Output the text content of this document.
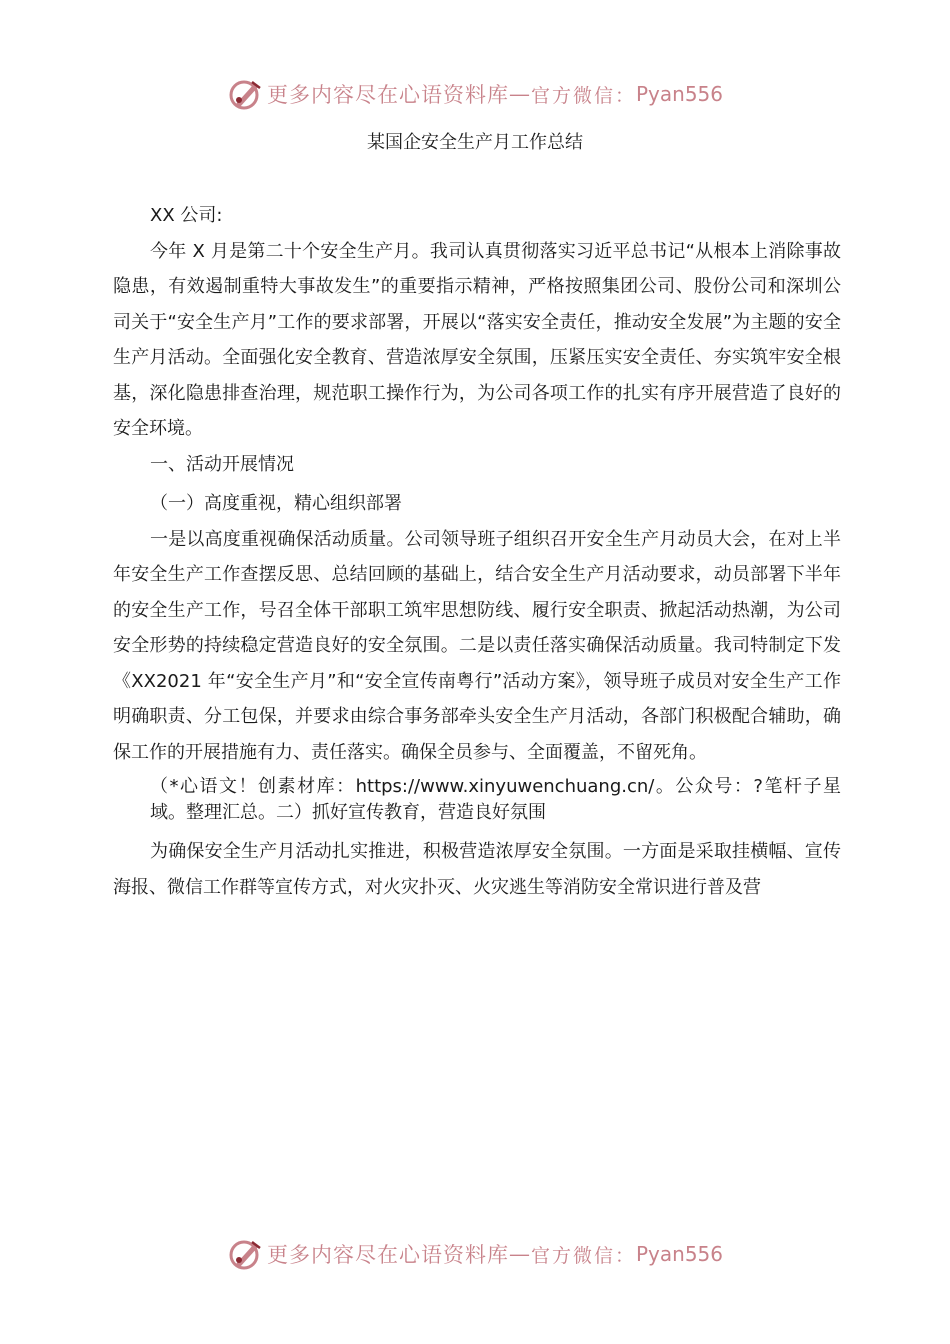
更多内容尽在心语资料库 — 官方微信： Pyan556
某国企安全生产月工作总结

XX 公司:

今年 X 月是第二十个安全生产月。我司认真贯彻落实习近平总书记“从根本上消除事故隐患，有效遏制重特大事故发生”的重要指示精神，严格按照集团公司、股份公司和深圳公司关于“安全生产月”工作的要求部署，开展以“落实安全责任，推动安全发展”为主题的安全生产月活动。全面强化安全教育、营造浓厚安全氛围，压紧压实安全责任、夯实筑牢安全根基，深化隐患排查治理，规范职工操作行为，为公司各项工作的扎实有序开展营造了良好的安全环境。

一、活动开展情况

（一）高度重视，精心组织部署

一是以高度重视确保活动质量。公司领导班子组织召开安全生产月动员大会，在对上半年安全生产工作查摆反思、总结回顾的基础上，结合安全生产月活动要求，动员部署下半年的安全生产工作，号召全体干部职工筑牢思想防线、履行安全职责、掀起活动热潮，为公司安全形势的持续稳定营造良好的安全氛围。二是以责任落实确保活动质量。我司特制定下发《XX2021 年“安全生产月”和“安全宣传南粤行”活动方案》，领导班子成员对安全生产工作明确职责、分工包保，并要求由综合事务部牵头安全生产月活动，各部门积极配合辅助，确保工作的开展措施有力、责任落实。确保全员参与、全面覆盖，不留死角。

（*心语文！创素材库：https://www.xinyuwenchuang.cn/。公众号：?笔杆子星域。整理汇总。二）抓好宣传教育，营造良好氛围

为确保安全生产月活动扎实推进，积极营造浓厚安全氛围。一方面是采取挂横幅、宣传海报、微信工作群等宣传方式，对火灾扑灭、火灾逃生等消防安全常识进行普及营

更多内容尽在心语资料库 — 官方微信： Pyan556
